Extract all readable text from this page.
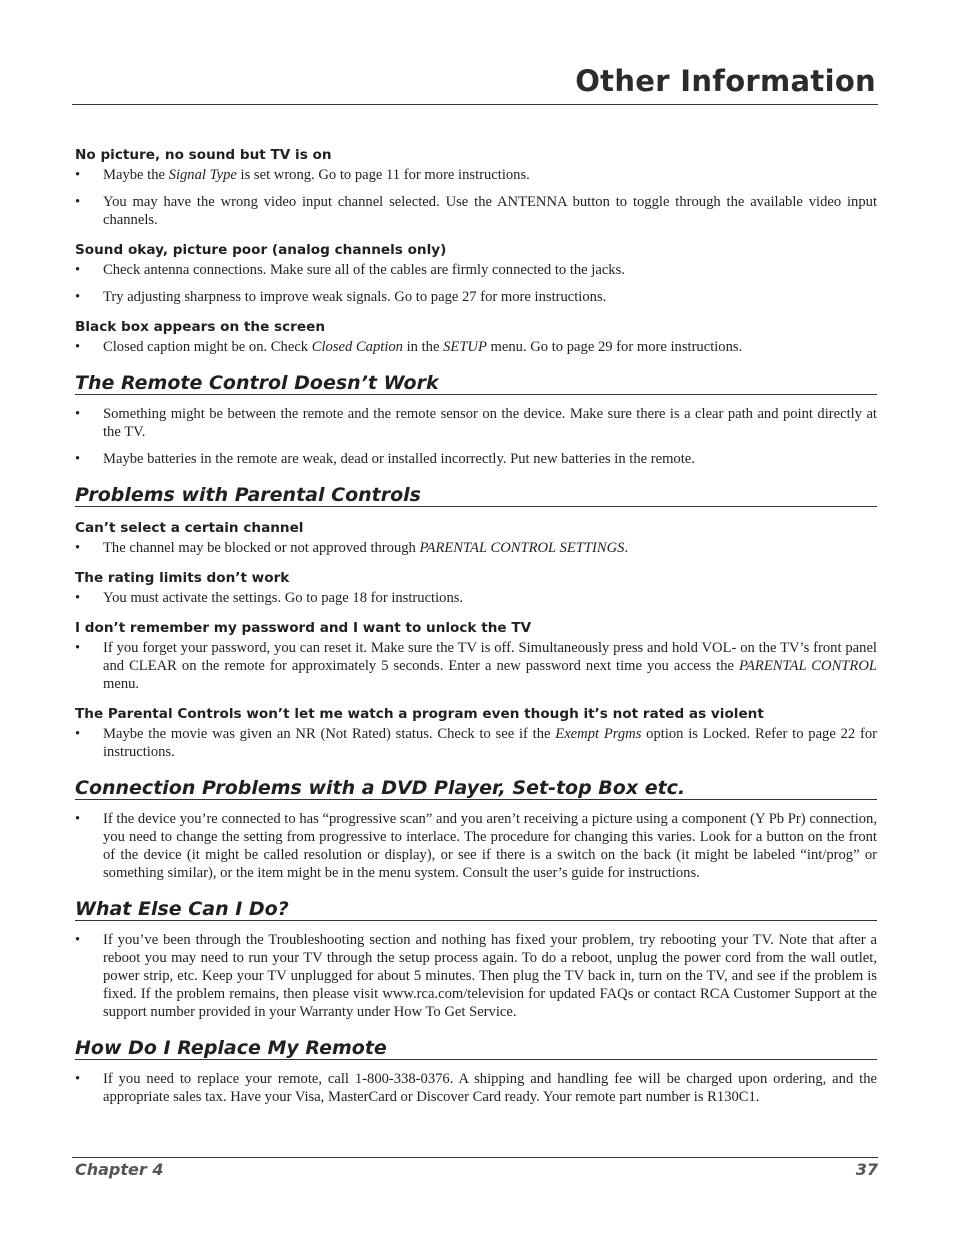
Other Information

No picture, no sound but TV is on

• Maybe the Signal Type is set wrong. Go to page 11 for more instructions.
• You may have the wrong video input channel selected. Use the ANTENNA button to toggle through the available video input channels.

Sound okay, picture poor (analog channels only)

• Check antenna connections. Make sure all of the cables are firmly connected to the jacks.
• Try adjusting sharpness to improve weak signals. Go to page 27 for more instructions.

Black box appears on the screen

• Closed caption might be on. Check Closed Caption in the SETUP menu. Go to page 29 for more instructions.
The Remote Control Doesn’t Work
• Something might be between the remote and the remote sensor on the device. Make sure there is a clear path and point directly at the TV.
• Maybe batteries in the remote are weak, dead or installed incorrectly. Put new batteries in the remote.
Problems with Parental Controls

Can’t select a certain channel

• The channel may be blocked or not approved through PARENTAL CONTROL SETTINGS.

The rating limits don’t work

• You must activate the settings. Go to page 18 for instructions.

I don’t remember my password and I want to unlock the TV

• If you forget your password, you can reset it. Make sure the TV is off. Simultaneously press and hold VOL- on the TV’s front panel and CLEAR on the remote for approximately 5 seconds. Enter a new password next time you access the PARENTAL CONTROL menu.

The Parental Controls won’t let me watch a program even though it’s not rated as violent

• Maybe the movie was given an NR (Not Rated) status. Check to see if the Exempt Prgms option is Locked. Refer to page 22 for instructions.
Connection Problems with a DVD Player, Set-top Box etc.
• If the device you’re connected to has “progressive scan” and you aren’t receiving a picture using a component (Y Pb Pr) connection, you need to change the setting from progressive to interlace. The procedure for changing this varies. Look for a button on the front of the device (it might be called resolution or display), or see if there is a switch on the back (it might be labeled “int/prog” or something similar), or the item might be in the menu system. Consult the user’s guide for instructions.
What Else Can I Do?
• If you’ve been through the Troubleshooting section and nothing has fixed your problem, try rebooting your TV. Note that after a reboot you may need to run your TV through the setup process again. To do a reboot, unplug the power cord from the wall outlet, power strip, etc. Keep your TV unplugged for about 5 minutes. Then plug the TV back in, turn on the TV, and see if the problem is fixed. If the problem remains, then please visit www.rca.com/television for updated FAQs or contact RCA Customer Support at the support number provided in your Warranty under How To Get Service.
How Do I Replace My Remote
• If you need to replace your remote, call 1-800-338-0376. A shipping and handling fee will be charged upon ordering, and the appropriate sales tax. Have your Visa, MasterCard or Discover Card ready. Your remote part number is R130C1.
Chapter 4	37
